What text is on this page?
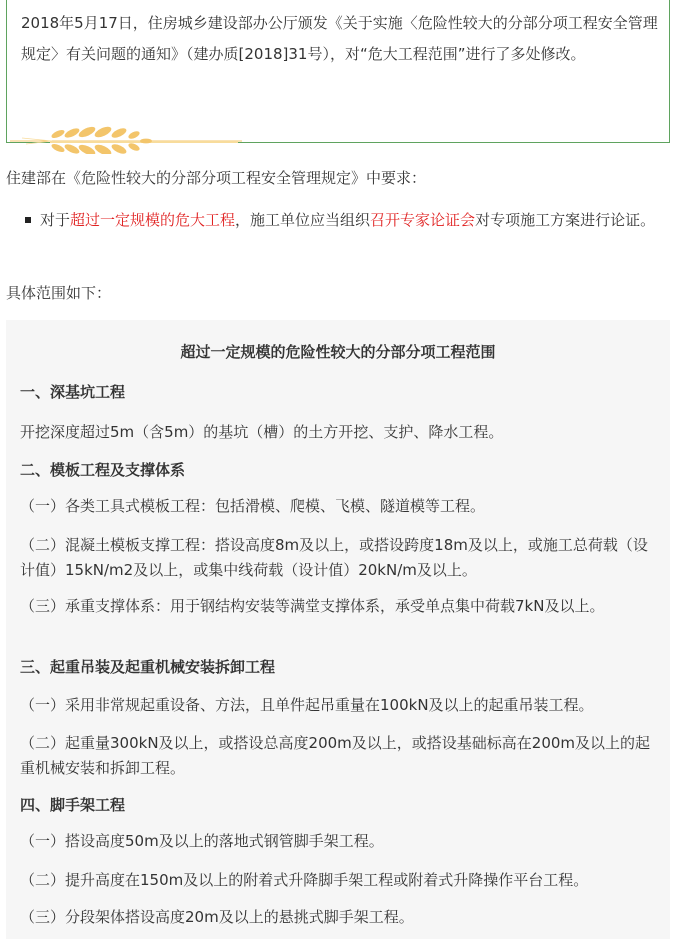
2018年5月17日，住房城乡建设部办公厅颁发《关于实施〈危险性较大的分部分项工程安全管理规定〉有关问题的通知》（建办质[2018]31号），对“危大工程范围”进行了多处修改。
住建部在《危险性较大的分部分项工程安全管理规定》中要求：
对于超过一定规模的危大工程，施工单位应当组织召开专家论证会对专项施工方案进行论证。
具体范围如下：
超过一定规模的危险性较大的分部分项工程范围
一、深基坑工程
开挖深度超过5m（含5m）的基坑（槽）的土方开挖、支护、降水工程。
二、模板工程及支撑体系
（一）各类工具式模板工程：包括滑模、爬模、飞模、隧道模等工程。
（二）混凝土模板支撑工程：搭设高度8m及以上，或搭设跨度18m及以上，或施工总荷载（设计值）15kN/m2及以上，或集中线荷载（设计值）20kN/m及以上。
（三）承重支撑体系：用于钢结构安装等满堂支撑体系，承受单点集中荷载7kN及以上。
三、起重吊装及起重机械安装拆卸工程
（一）采用非常规起重设备、方法，且单件起吊重量在100kN及以上的起重吊装工程。
（二）起重量300kN及以上，或搭设总高度200m及以上，或搭设基础标高在200m及以上的起重机械安装和拆卸工程。
四、脚手架工程
（一）搭设高度50m及以上的落地式钢管脚手架工程。
（二）提升高度在150m及以上的附着式升降脚手架工程或附着式升降操作平台工程。
（三）分段架体搭设高度20m及以上的悬挑式脚手架工程。
